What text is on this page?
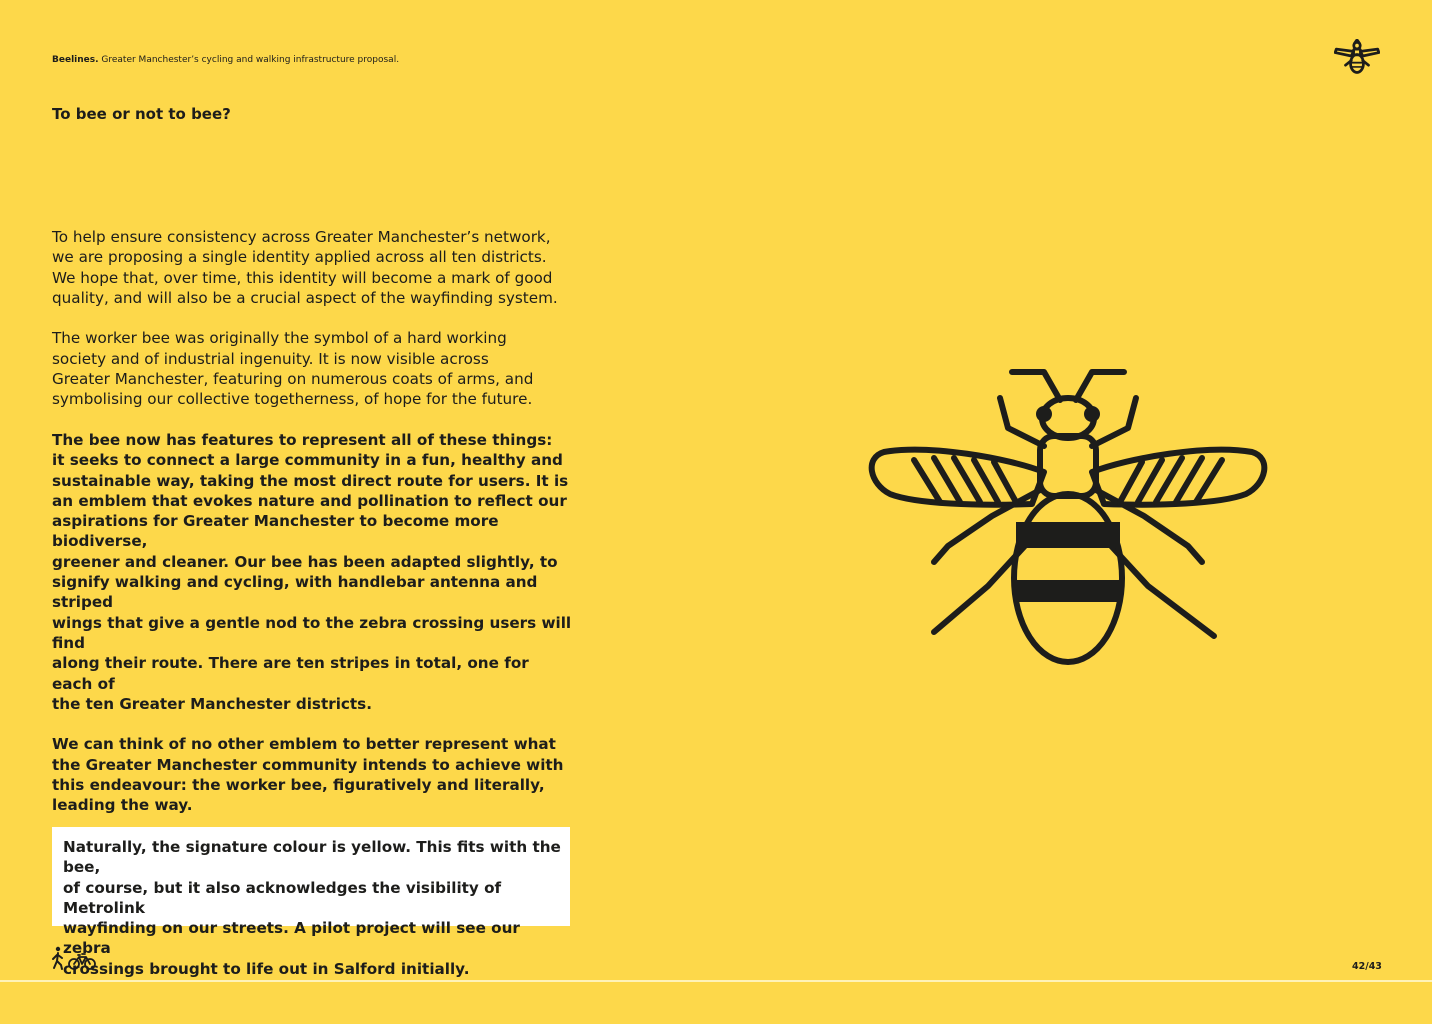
Beelines. Greater Manchester’s cycling and walking infrastructure proposal.
To bee or not to bee?

To help ensure consistency across Greater Manchester’s network,
we are proposing a single identity applied across all ten districts.
We hope that, over time, this identity will become a mark of good
quality, and will also be a crucial aspect of the wayfinding system.

The worker bee was originally the symbol of a hard working
society and of industrial ingenuity. It is now visible across
Greater Manchester, featuring on numerous coats of arms, and
symbolising our collective togetherness, of hope for the future.

The bee now has features to represent all of these things:
it seeks to connect a large community in a fun, healthy and
sustainable way, taking the most direct route for users. It is
an emblem that evokes nature and pollination to reflect our
aspirations for Greater Manchester to become more biodiverse,
greener and cleaner. Our bee has been adapted slightly, to
signify walking and cycling, with handlebar antenna and striped
wings that give a gentle nod to the zebra crossing users will find
along their route. There are ten stripes in total, one for each of
the ten Greater Manchester districts.

We can think of no other emblem to better represent what
the Greater Manchester community intends to achieve with
this endeavour: the worker bee, figuratively and literally,
leading the way.

Naturally, the signature colour is yellow. This fits with the bee,
of course, but it also acknowledges the visibility of Metrolink
wayfinding on our streets. A pilot project will see our zebra
crossings brought to life out in Salford initially.	42/43
